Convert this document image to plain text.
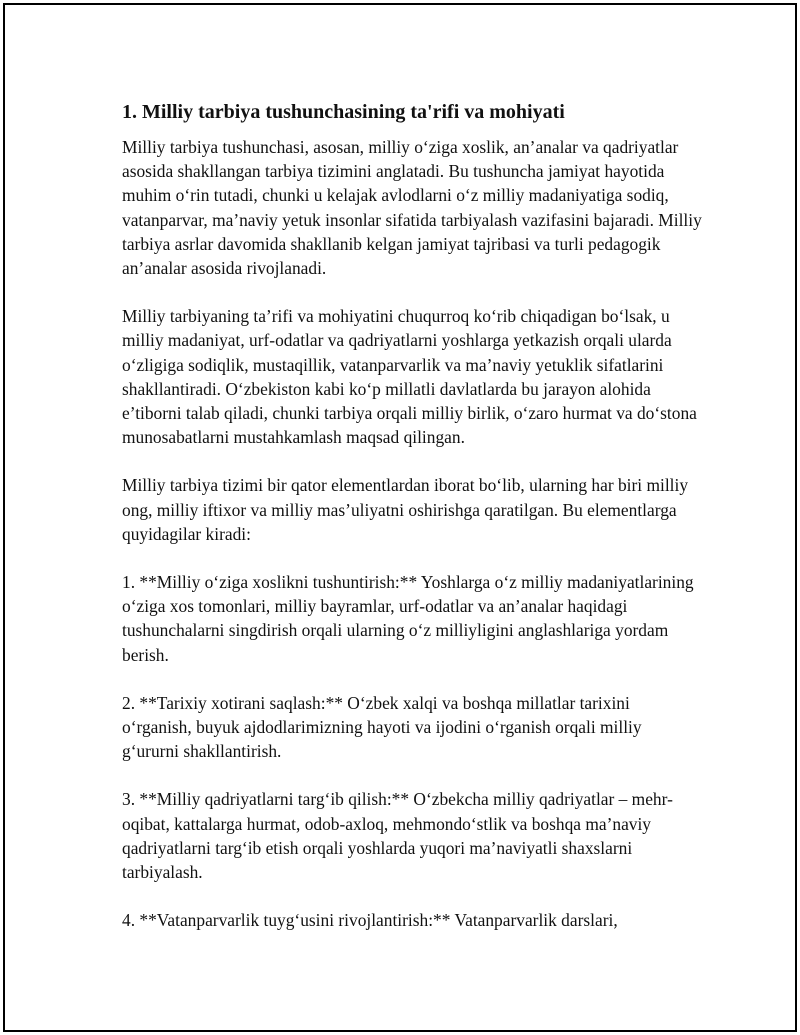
1. Milliy tarbiya tushunchasining ta'rifi va mohiyati

Milliy tarbiya tushunchasi, asosan, milliy o‘ziga xoslik, an’analar va qadriyatlar asosida shakllangan tarbiya tizimini anglatadi. Bu tushuncha jamiyat hayotida muhim o‘rin tutadi, chunki u kelajak avlodlarni o‘z milliy madaniyatiga sodiq, vatanparvar, ma’naviy yetuk insonlar sifatida tarbiyalash vazifasini bajaradi. Milliy tarbiya asrlar davomida shakllanib kelgan jamiyat tajribasi va turli pedagogik an’analar asosida rivojlanadi.

Milliy tarbiyaning ta’rifi va mohiyatini chuqurroq ko‘rib chiqadigan bo‘lsak, u milliy madaniyat, urf-odatlar va qadriyatlarni yoshlarga yetkazish orqali ularda o‘zligiga sodiqlik, mustaqillik, vatanparvarlik va ma’naviy yetuklik sifatlarini shakllantiradi. O‘zbekiston kabi ko‘p millatli davlatlarda bu jarayon alohida e’tiborni talab qiladi, chunki tarbiya orqali milliy birlik, o‘zaro hurmat va do‘stona munosabatlarni mustahkamlash maqsad qilingan.

Milliy tarbiya tizimi bir qator elementlardan iborat bo‘lib, ularning har biri milliy ong, milliy iftixor va milliy mas’uliyatni oshirishga qaratilgan. Bu elementlarga quyidagilar kiradi:

1. **Milliy o‘ziga xoslikni tushuntirish:** Yoshlarga o‘z milliy madaniyatlarining o‘ziga xos tomonlari, milliy bayramlar, urf-odatlar va an’analar haqidagi tushunchalarni singdirish orqali ularning o‘z milliyligini anglashlariga yordam berish.

2. **Tarixiy xotirani saqlash:** O‘zbek xalqi va boshqa millatlar tarixini o‘rganish, buyuk ajdodlarimizning hayoti va ijodini o‘rganish orqali milliy g‘ururni shakllantirish.

3. **Milliy qadriyatlarni targ‘ib qilish:** O‘zbekcha milliy qadriyatlar – mehr-oqibat, kattalarga hurmat, odob-axloq, mehmondo‘stlik va boshqa ma’naviy qadriyatlarni targ‘ib etish orqali yoshlarda yuqori ma’naviyatli shaxslarni tarbiyalash.

4. **Vatanparvarlik tuyg‘usini rivojlantirish:** Vatanparvarlik darslari,
